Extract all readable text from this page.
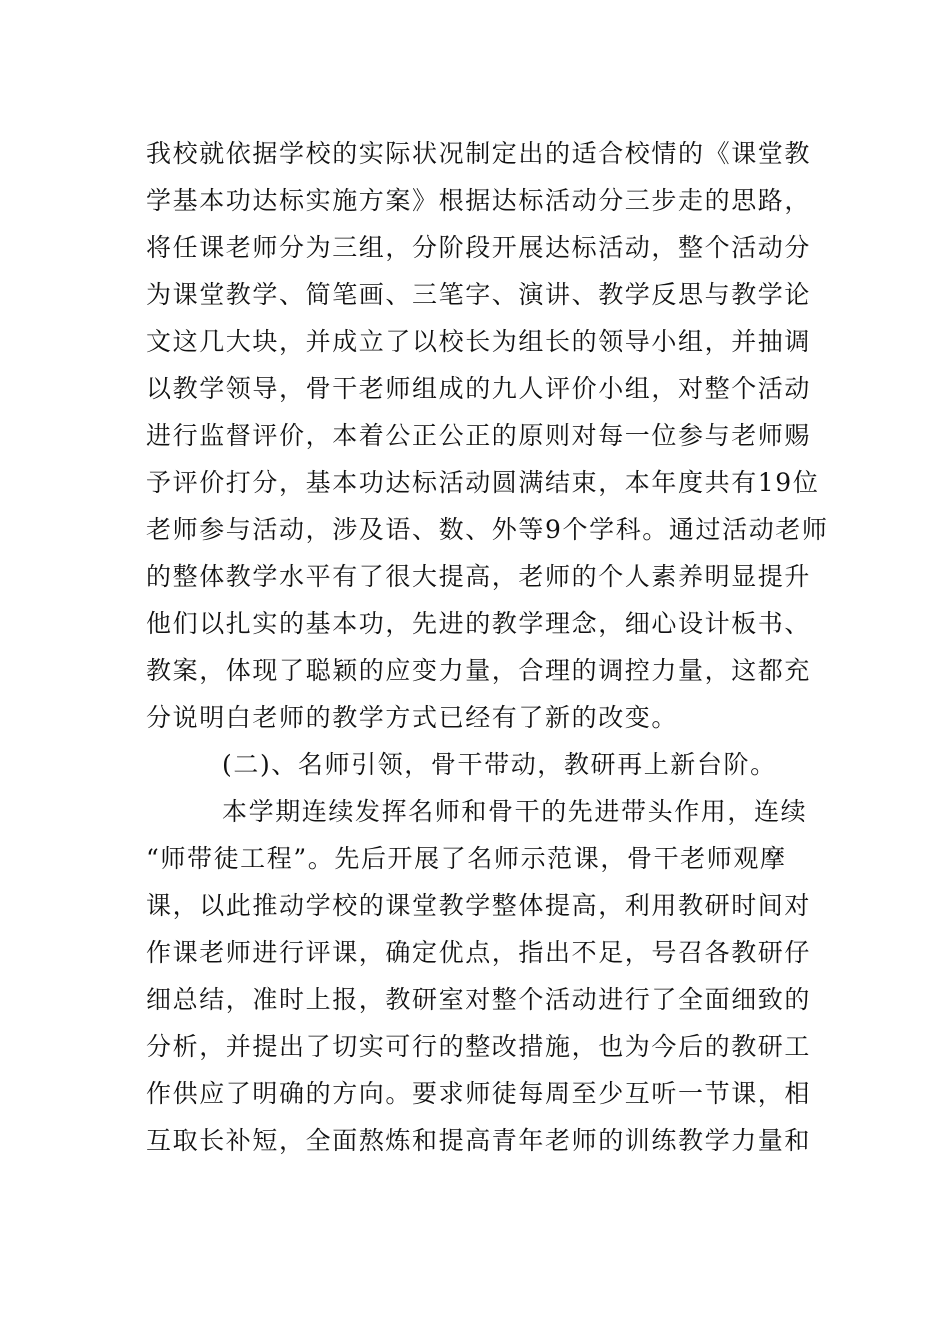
我校就依据学校的实际状况制定出的适合校情的《课堂教
学基本功达标实施方案》根据达标活动分三步走的思路，
将任课老师分为三组，分阶段开展达标活动，整个活动分
为课堂教学、简笔画、三笔字、演讲、教学反思与教学论
文这几大块，并成立了以校长为组长的领导小组，并抽调
以教学领导，骨干老师组成的九人评价小组，对整个活动
进行监督评价，本着公正公正的原则对每一位参与老师赐
予评价打分，基本功达标活动圆满结束，本年度共有19位
老师参与活动，涉及语、数、外等9个学科。通过活动老师
的整体教学水平有了很大提高，老师的个人素养明显提升
他们以扎实的基本功，先进的教学理念，细心设计板书、
教案，体现了聪颖的应变力量，合理的调控力量，这都充
分说明白老师的教学方式已经有了新的改变。
(二)、名师引领，骨干带动，教研再上新台阶。
本学期连续发挥名师和骨干的先进带头作用，连续
“师带徒工程”。先后开展了名师示范课，骨干老师观摩
课，以此推动学校的课堂教学整体提高，利用教研时间对
作课老师进行评课，确定优点，指出不足，号召各教研仔
细总结，准时上报，教研室对整个活动进行了全面细致的
分析，并提出了切实可行的整改措施，也为今后的教研工
作供应了明确的方向。要求师徒每周至少互听一节课，相
互取长补短，全面熬炼和提高青年老师的训练教学力量和
